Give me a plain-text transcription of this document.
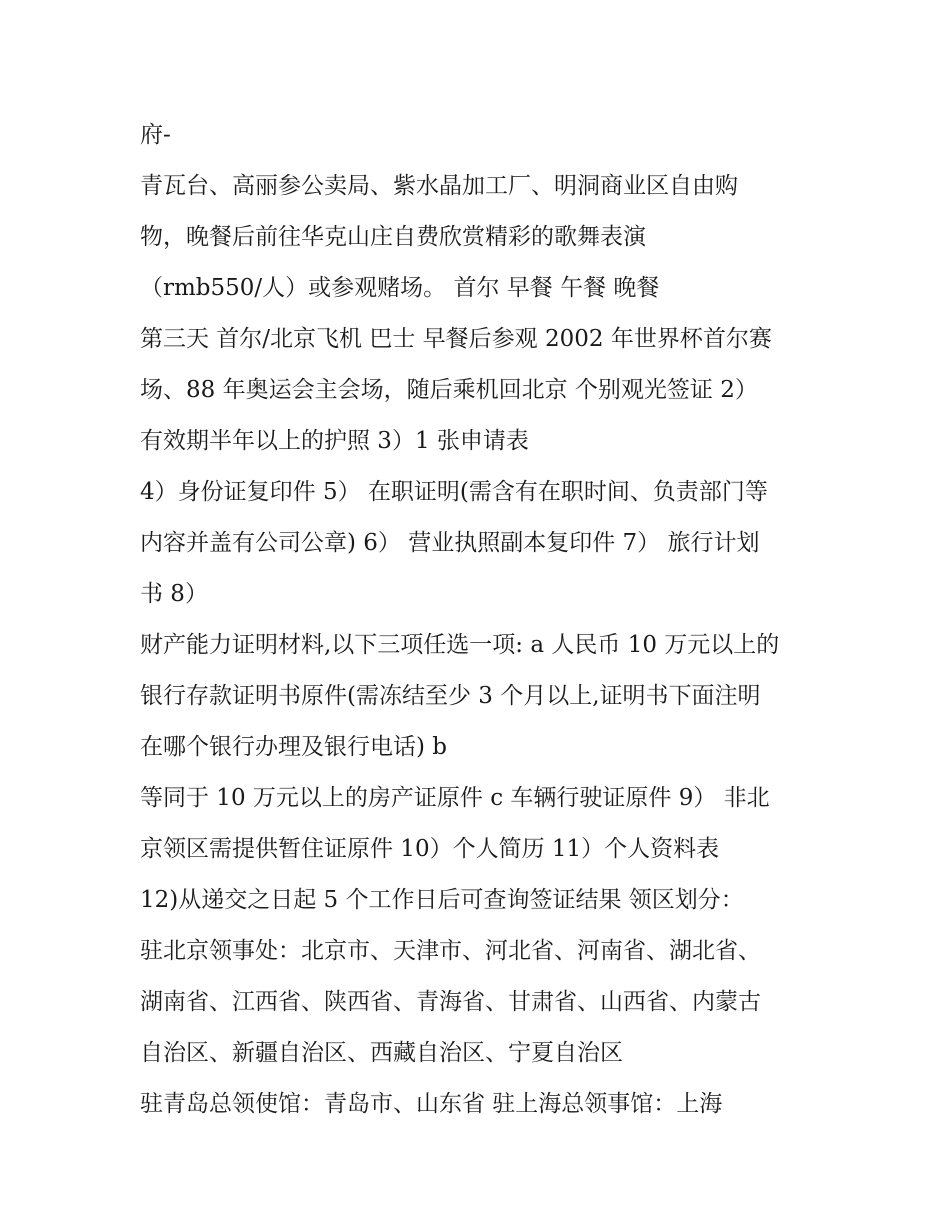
府-
青瓦台、高丽参公卖局、紫水晶加工厂、明洞商业区自由购
物，晚餐后前往华克山庄自费欣赏精彩的歌舞表演
（rmb550/人）或参观赌场。 首尔 早餐 午餐 晚餐
第三天 首尔/北京飞机 巴士 早餐后参观 2002 年世界杯首尔赛
场、88 年奥运会主会场，随后乘机回北京 个别观光签证 2）
有效期半年以上的护照 3）1 张申请表
4）身份证复印件 5） 在职证明(需含有在职时间、负责部门等
内容并盖有公司公章) 6） 营业执照副本复印件 7） 旅行计划
书 8）
财产能力证明材料,以下三项任选一项: a 人民币 10 万元以上的
银行存款证明书原件(需冻结至少 3 个月以上,证明书下面注明
在哪个银行办理及银行电话) b
等同于 10 万元以上的房产证原件 c 车辆行驶证原件 9） 非北
京领区需提供暂住证原件 10）个人简历 11）个人资料表
12)从递交之日起 5 个工作日后可查询签证结果 领区划分：
驻北京领事处：北京市、天津市、河北省、河南省、湖北省、
湖南省、江西省、陕西省、青海省、甘肃省、山西省、内蒙古
自治区、新疆自治区、西藏自治区、宁夏自治区
驻青岛总领使馆：青岛市、山东省 驻上海总领事馆：上海
